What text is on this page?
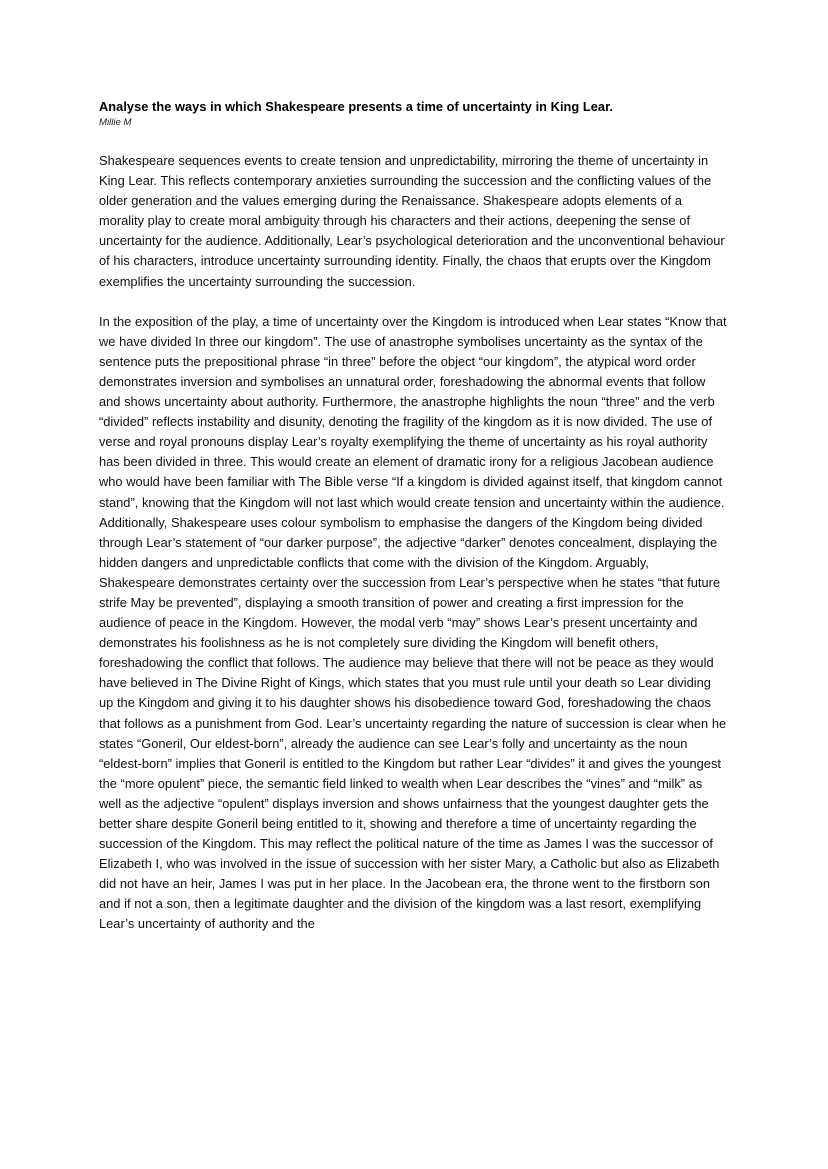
Analyse the ways in which Shakespeare presents a time of uncertainty in King Lear.
Millie M

Shakespeare sequences events to create tension and unpredictability, mirroring the theme of uncertainty in King Lear. This reflects contemporary anxieties surrounding the succession and the conflicting values of the older generation and the values emerging during the Renaissance. Shakespeare adopts elements of a morality play to create moral ambiguity through his characters and their actions, deepening the sense of uncertainty for the audience. Additionally, Lear’s psychological deterioration and the unconventional behaviour of his characters, introduce uncertainty surrounding identity. Finally, the chaos that erupts over the Kingdom exemplifies the uncertainty surrounding the succession.

In the exposition of the play, a time of uncertainty over the Kingdom is introduced when Lear states “Know that we have divided In three our kingdom”. The use of anastrophe symbolises uncertainty as the syntax of the sentence puts the prepositional phrase “in three” before the object “our kingdom”, the atypical word order demonstrates inversion and symbolises an unnatural order, foreshadowing the abnormal events that follow and shows uncertainty about authority. Furthermore, the anastrophe highlights the noun “three” and the verb “divided” reflects instability and disunity, denoting the fragility of the kingdom as it is now divided. The use of verse and royal pronouns display Lear’s royalty exemplifying the theme of uncertainty as his royal authority has been divided in three. This would create an element of dramatic irony for a religious Jacobean audience who would have been familiar with The Bible verse “If a kingdom is divided against itself, that kingdom cannot stand”, knowing that the Kingdom will not last which would create tension and uncertainty within the audience. Additionally, Shakespeare uses colour symbolism to emphasise the dangers of the Kingdom being divided through Lear’s statement of “our darker purpose”, the adjective “darker” denotes concealment, displaying the hidden dangers and unpredictable conflicts that come with the division of the Kingdom. Arguably, Shakespeare demonstrates certainty over the succession from Lear’s perspective when he states “that future strife May be prevented”, displaying a smooth transition of power and creating a first impression for the audience of peace in the Kingdom. However, the modal verb “may” shows Lear’s present uncertainty and demonstrates his foolishness as he is not completely sure dividing the Kingdom will benefit others, foreshadowing the conflict that follows. The audience may believe that there will not be peace as they would have believed in The Divine Right of Kings, which states that you must rule until your death so Lear dividing up the Kingdom and giving it to his daughter shows his disobedience toward God, foreshadowing the chaos that follows as a punishment from God. Lear’s uncertainty regarding the nature of succession is clear when he states “Goneril, Our eldest-born”, already the audience can see Lear’s folly and uncertainty as the noun “eldest-born” implies that Goneril is entitled to the Kingdom but rather Lear “divides” it and gives the youngest the “more opulent” piece, the semantic field linked to wealth when Lear describes the “vines” and “milk” as well as the adjective “opulent” displays inversion and shows unfairness that the youngest daughter gets the better share despite Goneril being entitled to it, showing and therefore a time of uncertainty regarding the succession of the Kingdom. This may reflect the political nature of the time as James I was the successor of Elizabeth I, who was involved in the issue of succession with her sister Mary, a Catholic but also as Elizabeth did not have an heir, James I was put in her place. In the Jacobean era, the throne went to the firstborn son and if not a son, then a legitimate daughter and the division of the kingdom was a last resort, exemplifying Lear’s uncertainty of authority and the
